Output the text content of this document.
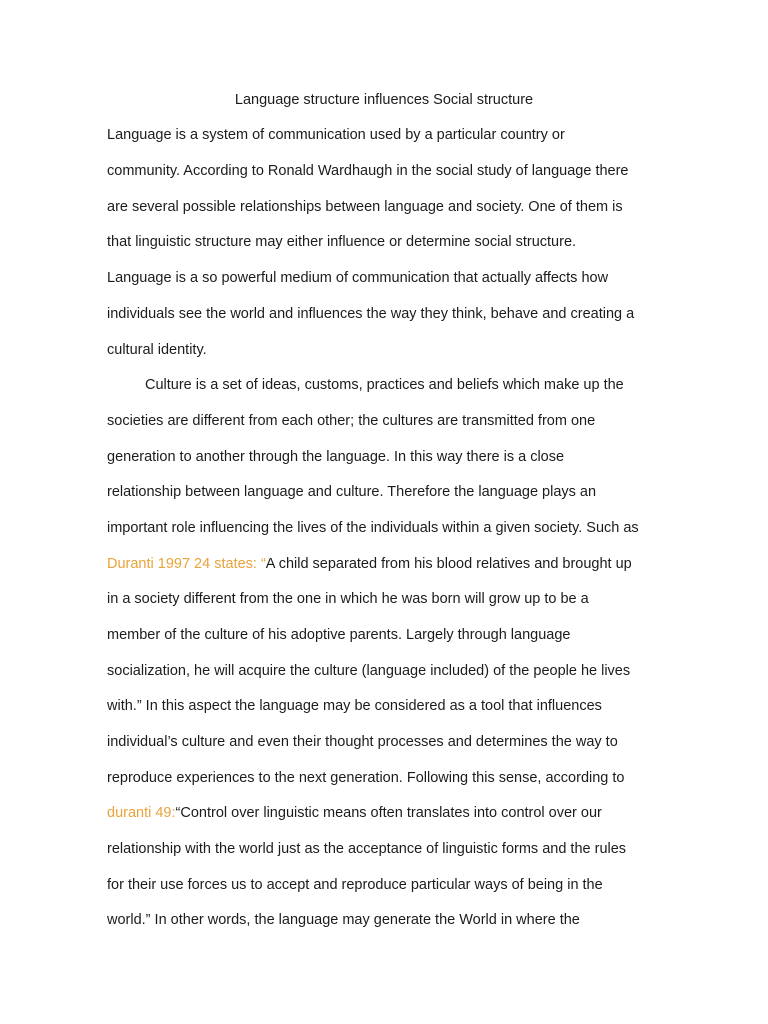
Language structure influences Social structure

Language is a system of communication used by a particular country or

community. According to Ronald Wardhaugh in the social study of language there

are several possible relationships between language and society. One of them is

that linguistic structure may either influence or determine social structure.

Language is a so powerful medium of communication that actually affects how

individuals see the world and influences the way they think, behave and creating a

cultural identity.

Culture is a set of ideas, customs, practices and beliefs which make up the

societies are different from each other; the cultures are transmitted from one

generation to another through the language. In this way there is a close

relationship between language and culture. Therefore the language plays an

important role influencing the lives of the individuals within a given society. Such as

Duranti 1997 24 states: “A child separated from his blood relatives and brought up

in a society different from the one in which he was born will grow up to be a

member of the culture of his adoptive parents. Largely through language

socialization, he will acquire the culture (language included) of the people he lives

with.” In this aspect the language may be considered as a tool that influences

individual’s culture and even their thought processes and determines the way to

reproduce experiences to the next generation. Following this sense, according to

duranti 49:“Control over linguistic means often translates into control over our

relationship with the world just as the acceptance of linguistic forms and the rules

for their use forces us to accept and reproduce particular ways of being in the

world.” In other words, the language may generate the World in where the
